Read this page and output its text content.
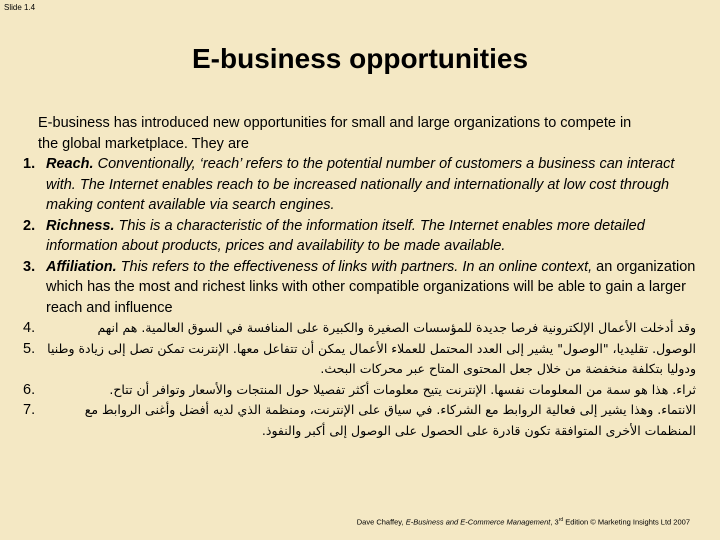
Slide 1.4
E-business opportunities
E-business has introduced new opportunities for small and large organizations to compete in
the global marketplace. They are
1. Reach. Conventionally, ‘reach’ refers to the potential number of customers a business can interact with. The Internet enables reach to be increased nationally and internationally at low cost through making content available via search engines.
2. Richness. This is a characteristic of the information itself. The Internet enables more detailed information about products, prices and availability to be made available.
3. Affiliation. This refers to the effectiveness of links with partners. In an online context, an organization which has the most and richest links with other compatible organizations will be able to gain a larger reach and influence
4.	وقد أدخلت الأعمال الإلكترونية فرصا جديدة للمؤسسات الصغيرة والكبيرة على المنافسة في السوق العالمية. هم انهم
5. الوصول. تقليديا، "الوصول" يشير إلى العدد المحتمل للعملاء الأعمال يمكن أن تتفاعل معها. الإنترنت تمكن تصل إلى زيادة وطنيا ودوليا بتكلفة منخفضة من خلال جعل المحتوى المتاح عبر محركات البحث.
6.	ثراء. هذا هو سمة من المعلومات نفسها. الإنترنت يتيح معلومات أكثر تفصيلا حول المنتجات والأسعار وتوافر أن تتاح.
7.	الانتماء. وهذا يشير إلى فعالية الروابط مع الشركاء. في سياق على الإنترنت، ومنظمة الذي لديه أفضل وأغنى الروابط مع المنظمات الأخرى المتوافقة تكون قادرة على الحصول على الوصول إلى أكبر والنفوذ.
Dave Chaffey, E-Business and E-Commerce Management, 3rd Edition © Marketing Insights Ltd 2007
